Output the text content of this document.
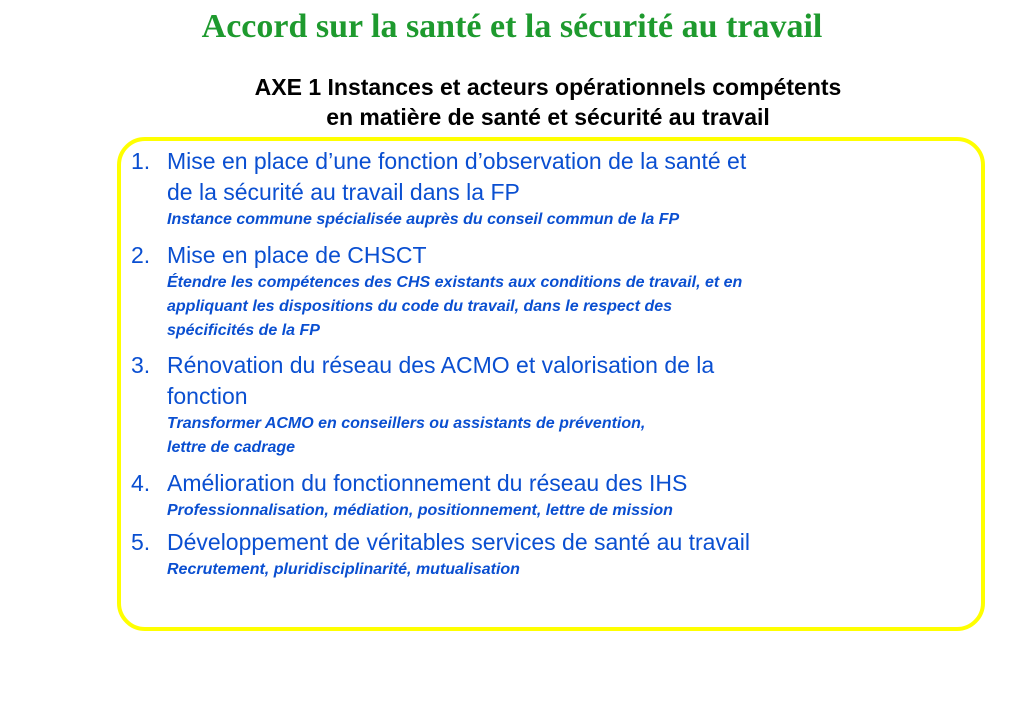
Accord sur la santé et la sécurité au travail
AXE 1 Instances et acteurs opérationnels compétents
en matière de santé et sécurité au travail
1. Mise en place d’une fonction d’observation de la santé et
de la sécurité au travail dans la FP
Instance commune spécialisée auprès du conseil commun de la FP
2. Mise en place de CHSCT
Étendre les compétences des CHS existants aux conditions de travail, et en
appliquant les dispositions du code du travail, dans le respect des
spécificités de la FP
3. Rénovation du réseau des ACMO et valorisation de la
fonction
Transformer ACMO en conseillers ou assistants de prévention,
lettre de cadrage
4. Amélioration du fonctionnement du réseau des IHS
Professionnalisation, médiation, positionnement, lettre de mission
5. Développement de véritables services de santé au travail
Recrutement, pluridisciplinarité, mutualisation
